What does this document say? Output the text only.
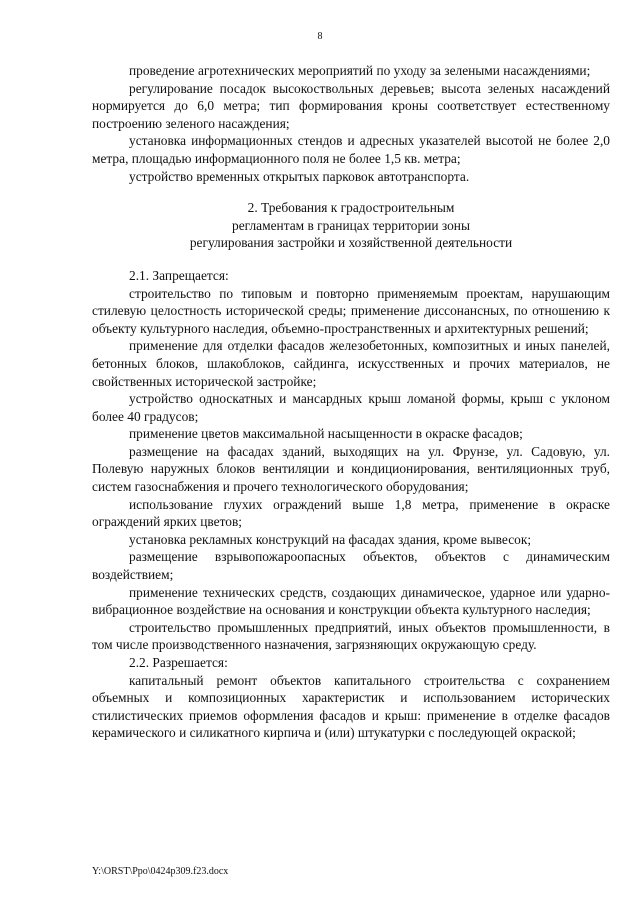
8

проведение агротехнических мероприятий по уходу за зелеными насаждениями;

регулирование посадок высокоствольных деревьев; высота зеленых насаждений нормируется до 6,0 метра; тип формирования кроны соответствует естественному построению зеленого насаждения;

установка информационных стендов и адресных указателей высотой не более 2,0 метра, площадью информационного поля не более 1,5 кв. метра;

устройство временных открытых парковок автотранспорта.

2. Требования к градостроительным
регламентам в границах территории зоны
регулирования застройки и хозяйственной деятельности

2.1. Запрещается:

строительство по типовым и повторно применяемым проектам, нарушающим стилевую целостность исторической среды; применение диссонансных, по отношению к объекту культурного наследия, объемно-пространственных и архитектурных решений;

применение для отделки фасадов железобетонных, композитных и иных панелей, бетонных блоков, шлакоблоков, сайдинга, искусственных и прочих материалов, не свойственных исторической застройке;

устройство односкатных и мансардных крыш ломаной формы, крыш с уклоном более 40 градусов;

применение цветов максимальной насыщенности в окраске фасадов;

размещение на фасадах зданий, выходящих на ул. Фрунзе, ул. Садовую, ул. Полевую наружных блоков вентиляции и кондиционирования, вентиляционных труб, систем газоснабжения и прочего технологического оборудования;

использование глухих ограждений выше 1,8 метра, применение в окраске ограждений ярких цветов;

установка рекламных конструкций на фасадах здания, кроме вывесок;

размещение взрывопожароопасных объектов, объектов с динамическим воздействием;

применение технических средств, создающих динамическое, ударное или ударно-вибрационное воздействие на основания и конструкции объекта культурного наследия;

строительство промышленных предприятий, иных объектов промышленности, в том числе производственного назначения, загрязняющих окружающую среду.

2.2. Разрешается:

капитальный ремонт объектов капитального строительства с сохранением объемных и композиционных характеристик и использованием исторических стилистических приемов оформления фасадов и крыш: применение в отделке фасадов керамического и силикатного кирпича и (или) штукатурки с последующей окраской;

Y:\ORST\Ppo\0424p309.f23.docx
